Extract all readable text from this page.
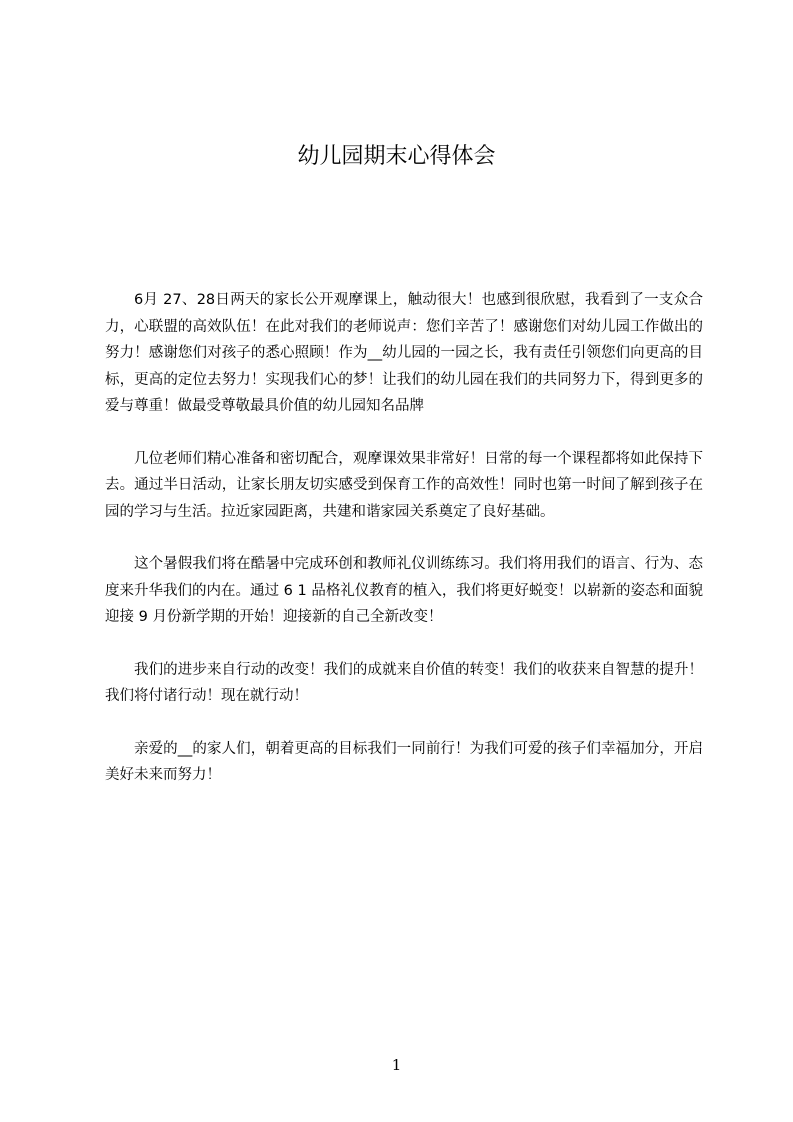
幼儿园期末心得体会

6月 27、28日两天的家长公开观摩课上，触动很大！也感到很欣慰，我看到了一支众合力，心联盟的高效队伍！在此对我们的老师说声：您们辛苦了！感谢您们对幼儿园工作做出的努力！感谢您们对孩子的悉心照顾！作为__幼儿园的一园之长，我有责任引领您们向更高的目标，更高的定位去努力！实现我们心的梦！让我们的幼儿园在我们的共同努力下，得到更多的爱与尊重！做最受尊敬最具价值的幼儿园知名品牌

几位老师们精心准备和密切配合，观摩课效果非常好！日常的每一个课程都将如此保持下去。通过半日活动，让家长朋友切实感受到保育工作的高效性！同时也第一时间了解到孩子在园的学习与生活。拉近家园距离，共建和谐家园关系奠定了良好基础。

这个暑假我们将在酷暑中完成环创和教师礼仪训练练习。我们将用我们的语言、行为、态度来升华我们的内在。通过 6 1 品格礼仪教育的植入，我们将更好蜕变！以崭新的姿态和面貌迎接 9 月份新学期的开始！迎接新的自己全新改变！

我们的进步来自行动的改变！我们的成就来自价值的转变！我们的收获来自智慧的提升！我们将付诸行动！现在就行动！

亲爱的__的家人们，朝着更高的目标我们一同前行！为我们可爱的孩子们幸福加分，开启美好未来而努力！

1
